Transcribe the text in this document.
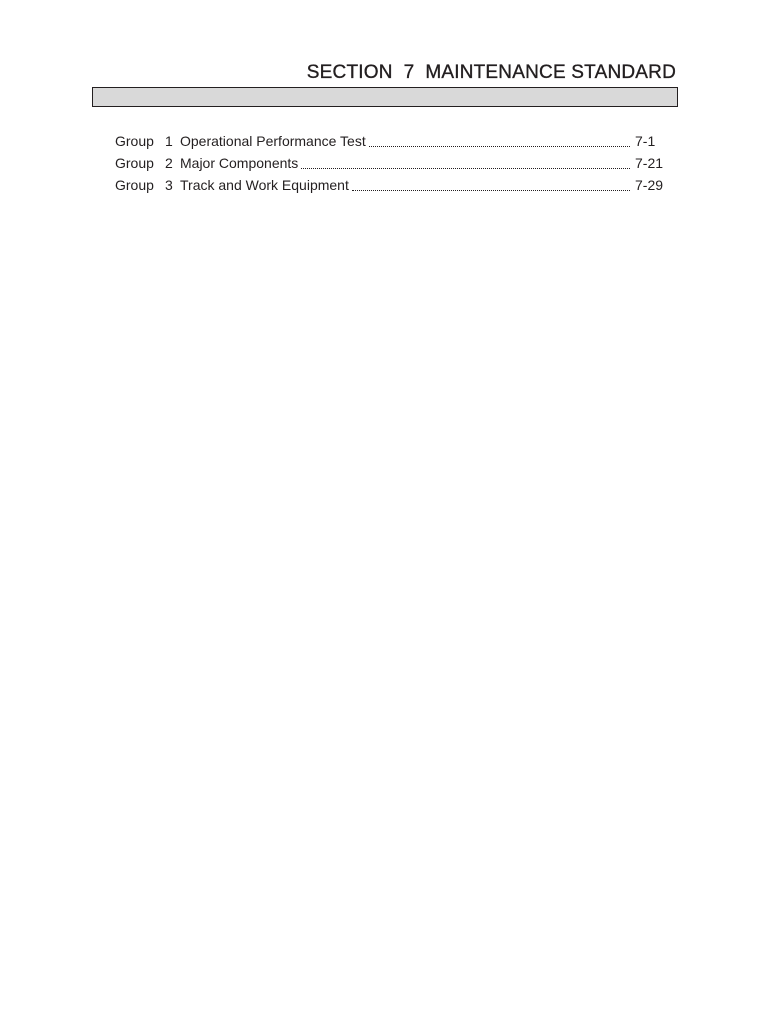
SECTION  7  MAINTENANCE STANDARD
Group 1 Operational Performance Test	7-1
Group 2 Major Components	7-21
Group 3 Track and Work Equipment	7-29
